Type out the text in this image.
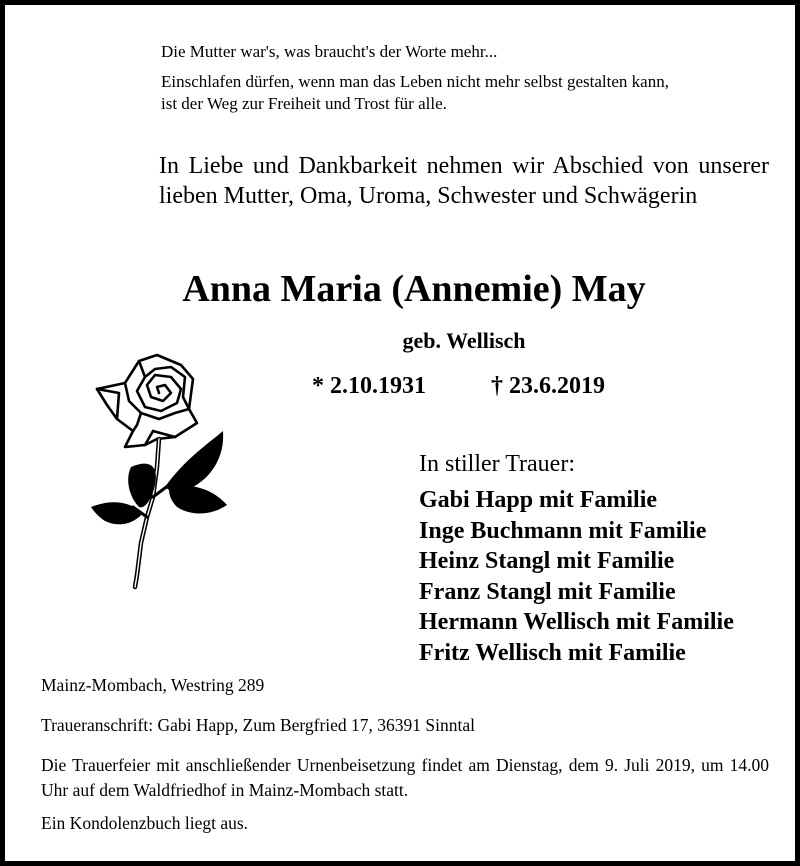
Die Mutter war's, was braucht's der Worte mehr...
Einschlafen dürfen, wenn man das Leben nicht mehr selbst gestalten kann,
ist der Weg zur Freiheit und Trost für alle.
In Liebe und Dankbarkeit nehmen wir Abschied von unserer lieben Mutter, Oma, Uroma, Schwester und Schwägerin
Anna Maria (Annemie) May
geb. Wellisch
* 2.10.1931	† 23.6.2019
In stiller Trauer:
Gabi Happ mit Familie
Inge Buchmann mit Familie
Heinz Stangl mit Familie
Franz Stangl mit Familie
Hermann Wellisch mit Familie
Fritz Wellisch mit Familie
Mainz-Mombach, Westring 289
Traueranschrift: Gabi Happ, Zum Bergfried 17, 36391 Sinntal
Die Trauerfeier mit anschließender Urnenbeisetzung findet am Dienstag, dem 9. Juli 2019, um 14.00 Uhr auf dem Waldfriedhof in Mainz-Mombach statt.
Ein Kondolenzbuch liegt aus.
